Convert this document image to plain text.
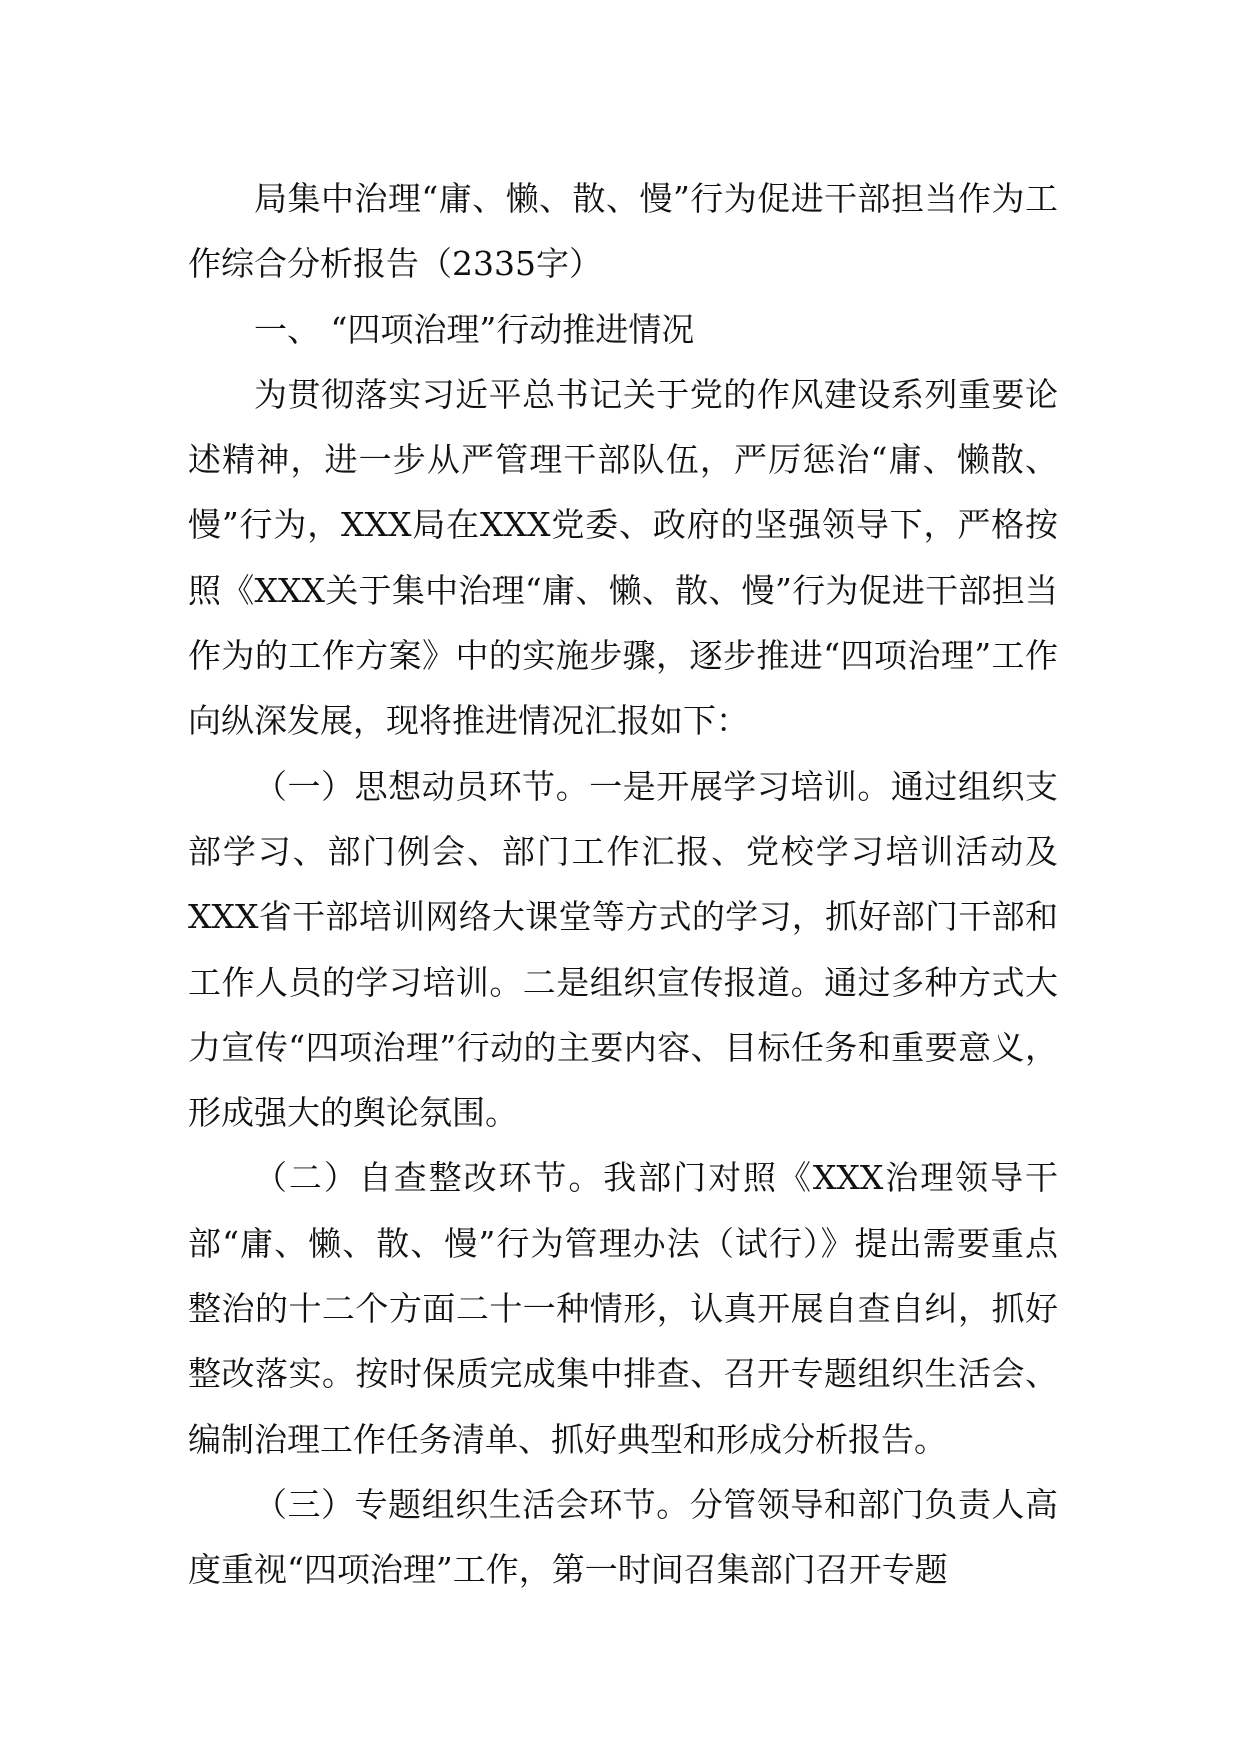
局集中治理“庸、懒、散、慢”行为促进干部担当作为工作综合分析报告（2335字）

一、 “四项治理”行动推进情况

为贯彻落实习近平总书记关于党的作风建设系列重要论述精神，进一步从严管理干部队伍，严厉惩治“庸、懒散、慢”行为，XXX局在XXX党委、政府的坚强领导下，严格按照《XXX关于集中治理“庸、懒、散、慢”行为促进干部担当作为的工作方案》中的实施步骤，逐步推进“四项治理”工作向纵深发展，现将推进情况汇报如下：

（一）思想动员环节。一是开展学习培训。通过组织支部学习、部门例会、部门工作汇报、党校学习培训活动及XXX省干部培训网络大课堂等方式的学习，抓好部门干部和工作人员的学习培训。二是组织宣传报道。通过多种方式大力宣传“四项治理”行动的主要内容、目标任务和重要意义，形成强大的舆论氛围。

（二）自查整改环节。我部门对照《XXX治理领导干部“庸、懒、散、慢”行为管理办法（试行）》提出需要重点整治的十二个方面二十一种情形，认真开展自查自纠，抓好整改落实。按时保质完成集中排查、召开专题组织生活会、编制治理工作任务清单、抓好典型和形成分析报告。

（三）专题组织生活会环节。分管领导和部门负责人高度重视“四项治理”工作，第一时间召集部门召开专题
